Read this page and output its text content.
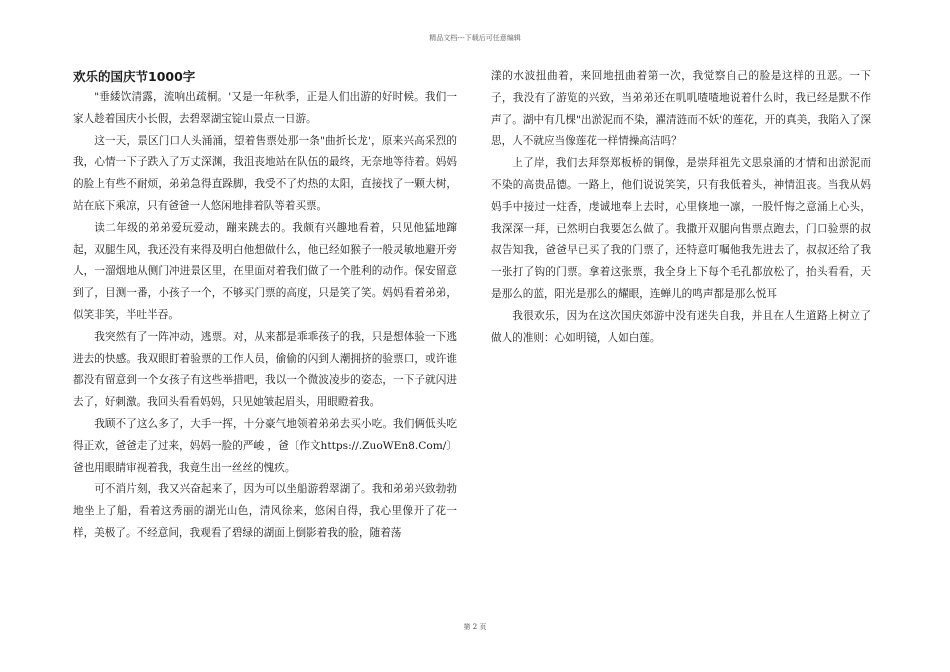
精品文档---下载后可任意编辑
欢乐的国庆节1000字

"垂緌饮清露，流响出疏桐。'又是一年秋季，正是人们出游的好时候。我们一家人趁着国庆小长假，去碧翠湖宝锭山景点一日游。

这一天，景区门口人头涌涌，望着售票处那一条"曲折长龙'，原来兴高采烈的我，心情一下子跌入了万丈深渊，我沮丧地站在队伍的最终，无奈地等待着。妈妈的脸上有些不耐烦，弟弟急得直跺脚，我受不了灼热的太阳，直接找了一颗大树，站在底下乘凉，只有爸爸一人悠闲地排着队等着买票。

读二年级的弟弟爱玩爱动，蹦来跳去的。我颇有兴趣地看着，只见他猛地蹿起，双腿生风，我还没有来得及明白他想做什么，他已经如猴子一般灵敏地避开旁人，一溜烟地从侧门冲进景区里，在里面对着我们做了一个胜利的动作。保安留意到了，目测一番，小孩子一个，不够买门票的高度，只是笑了笑。妈妈看着弟弟，似笑非笑，半吐半吞。

我突然有了一阵冲动，逃票。对，从来都是乖乖孩子的我，只是想体验一下逃进去的快感。我双眼盯着验票的工作人员，偷偷的闪到人潮拥挤的验票口，或许谁都没有留意到一个女孩子有这些举措吧，我以一个微波凌步的姿态，一下子就闪进去了，好刺激。我回头看看妈妈，只见她皱起眉头，用眼瞪着我。

我顾不了这么多了，大手一挥，十分豪气地领着弟弟去买小吃。我们俩低头吃得正欢，爸爸走了过来，妈妈一脸的严峻 ，爸〔作文https://.ZuoWEn8.Com/〕爸也用眼睛审视着我，我竟生出一丝丝的愧疚。

可不消片刻，我又兴奋起来了，因为可以坐船游碧翠湖了。我和弟弟兴致勃勃地坐上了船，看着这秀丽的湖光山色，清风徐来，悠闲自得，我心里像开了花一样，美极了。不经意间，我观看了碧绿的湖面上倒影着我的脸，随着荡

漾的水波扭曲着，来回地扭曲着第一次，我觉察自己的脸是这样的丑恶。一下子，我没有了游览的兴致，当弟弟还在叽叽喳喳地说着什么时，我已经是默不作声了。湖中有几棵"出淤泥而不染，濯清涟而不妖'的莲花，开的真美，我陷入了深思，人不就应当像莲花一样情操高洁吗？

上了岸，我们去拜祭郑板桥的铜像，是崇拜祖先文思泉涌的才情和出淤泥而不染的高贵品德。一路上，他们说说笑笑，只有我低着头，神情沮丧。当我从妈妈手中接过一炷香，虔诚地奉上去时，心里倏地一凛，一股忏悔之意涌上心头，我深深一拜，已然明白我要怎么做了。我撒开双腿向售票点跑去，门口验票的叔叔告知我，爸爸早已买了我的门票了，还特意叮嘱他我先进去了，叔叔还给了我一张打了钩的门票。拿着这张票，我全身上下每个毛孔都放松了，抬头看看，天是那么的蓝，阳光是那么的耀眼，连蝉儿的鸣声都是那么悦耳

我很欢乐，因为在这次国庆郊游中没有迷失自我，并且在人生道路上树立了做人的准则：心如明镜，人如白莲。

第 2 页
